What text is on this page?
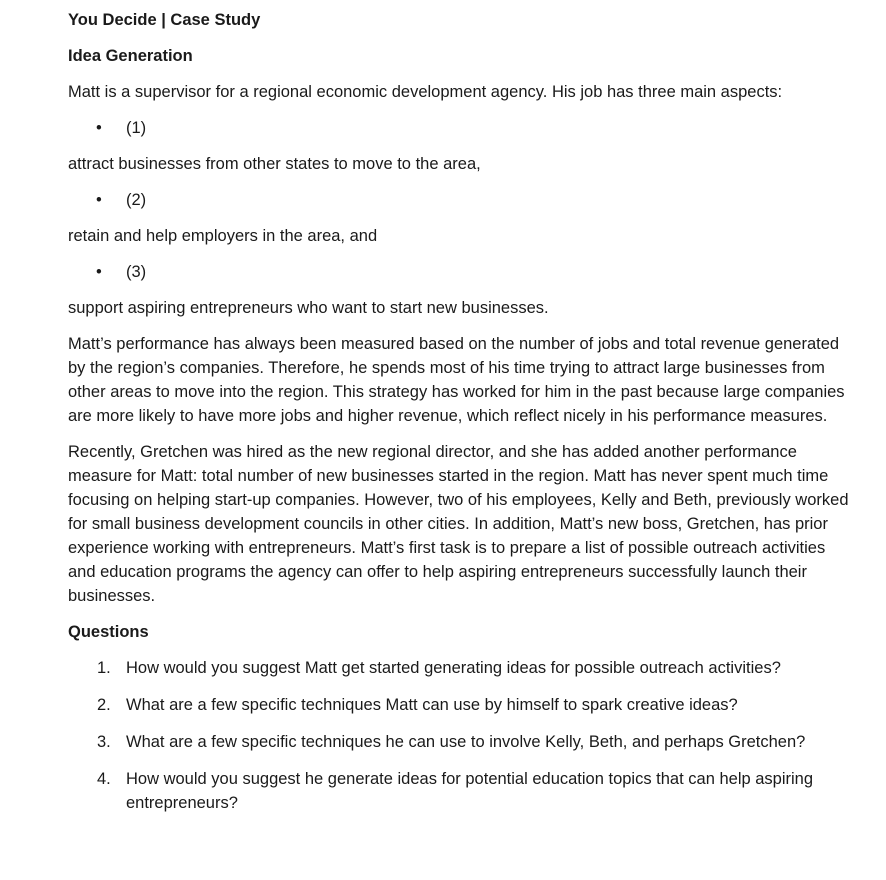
You Decide | Case Study
Idea Generation

Matt is a supervisor for a regional economic development agency. His job has three main aspects:

• (1)

attract businesses from other states to move to the area,

• (2)

retain and help employers in the area, and

• (3)

support aspiring entrepreneurs who want to start new businesses.

Matt’s performance has always been measured based on the number of jobs and total revenue generated by the region’s companies. Therefore, he spends most of his time trying to attract large businesses from other areas to move into the region. This strategy has worked for him in the past because large companies are more likely to have more jobs and higher revenue, which reflect nicely in his performance measures.

Recently, Gretchen was hired as the new regional director, and she has added another performance measure for Matt: total number of new businesses started in the region. Matt has never spent much time focusing on helping start-up companies. However, two of his employees, Kelly and Beth, previously worked for small business development councils in other cities. In addition, Matt’s new boss, Gretchen, has prior experience working with entrepreneurs. Matt’s first task is to prepare a list of possible outreach activities and education programs the agency can offer to help aspiring entrepreneurs successfully launch their businesses.

Questions
1. How would you suggest Matt get started generating ideas for possible outreach activities?
2. What are a few specific techniques Matt can use by himself to spark creative ideas?
3. What are a few specific techniques he can use to involve Kelly, Beth, and perhaps Gretchen?
4. How would you suggest he generate ideas for potential education topics that can help aspiring entrepreneurs?
